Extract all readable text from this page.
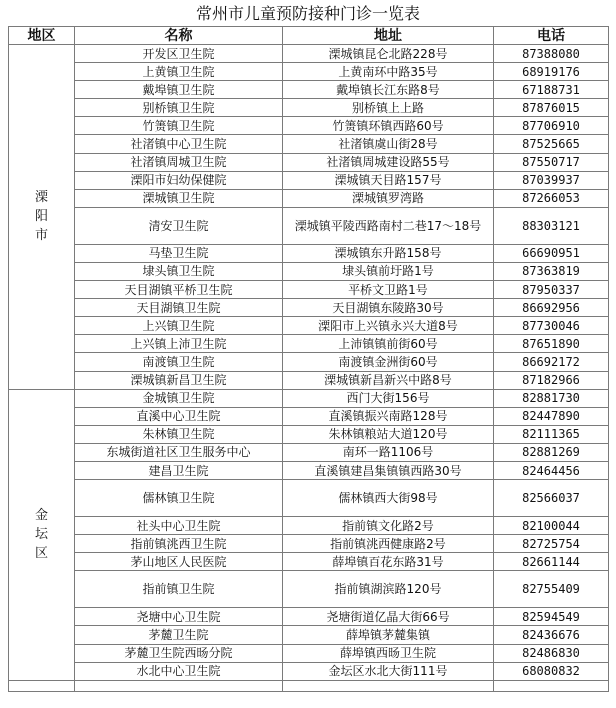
常州市儿童预防接种门诊一览表
地区	名称	地址	电话

溧
阳
市	开发区卫生院	溧城镇昆仑北路228号	87388080
	上黄镇卫生院	上黄南环中路35号	68919176
	戴埠镇卫生院	戴埠镇长江东路8号	67188731
	别桥镇卫生院	别桥镇上上路	87876015
	竹箦镇卫生院	竹箦镇环镇西路60号	87706910
	社渚镇中心卫生院	社渚镇虞山街28号	87525665
	社渚镇周城卫生院	社渚镇周城建设路55号	87550717
	溧阳市妇幼保健院	溧城镇天目路157号	87039937
	溧城镇卫生院	溧城镇罗湾路	87266053
	清安卫生院	溧城镇平陵西路南村二巷17～18号	88303121
	马垫卫生院	溧城镇东升路158号	66690951
	埭头镇卫生院	埭头镇前圩路1号	87363819
	天目湖镇平桥卫生院	平桥文卫路1号	87950337
	天目湖镇卫生院	天目湖镇东陵路30号	86692956
	上兴镇卫生院	溧阳市上兴镇永兴大道8号	87730046
	上兴镇上沛卫生院	上沛镇镇前街60号	87651890
	南渡镇卫生院	南渡镇金洲街60号	86692172
	溧城镇新昌卫生院	溧城镇新昌新兴中路8号	87182966

金
坛
区	金城镇卫生院	西门大街156号	82881730
	直溪中心卫生院	直溪镇振兴南路128号	82447890
	朱林镇卫生院	朱林镇粮站大道120号	82111365
	东城街道社区卫生服务中心	南环一路1106号	82881269
	建昌卫生院	直溪镇建昌集镇镇西路30号	82464456
	儒林镇卫生院	儒林镇西大街98号	82566037
	社头中心卫生院	指前镇文化路2号	82100044
	指前镇洮西卫生院	指前镇洮西健康路2号	82725754
	茅山地区人民医院	薛埠镇百花东路31号	82661144
	指前镇卫生院	指前镇湖滨路120号	82755409
	尧塘中心卫生院	尧塘街道亿晶大街66号	82594549
	茅麓卫生院	薛埠镇茅麓集镇	82436676
	茅麓卫生院西旸分院	薛埠镇西旸卫生院	82486830
	水北中心卫生院	金坛区水北大街111号	68080832
